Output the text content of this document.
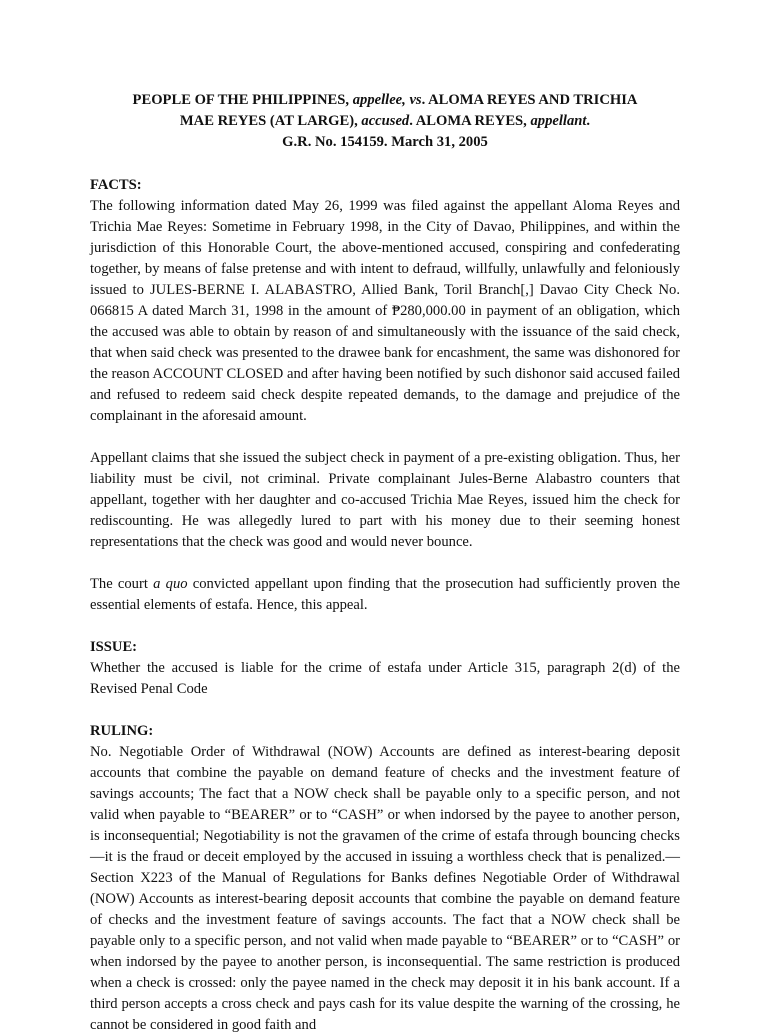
PEOPLE OF THE PHILIPPINES, appellee, vs. ALOMA REYES AND TRICHIA
MAE REYES (AT LARGE), accused. ALOMA REYES, appellant.
G.R. No. 154159. March 31, 2005
FACTS:

The following information dated May 26, 1999 was filed against the appellant Aloma Reyes and Trichia Mae Reyes: Sometime in February 1998, in the City of Davao, Philippines, and within the jurisdiction of this Honorable Court, the above-mentioned accused, conspiring and confederating together, by means of false pretense and with intent to defraud, willfully, unlawfully and feloniously issued to JULES-BERNE I. ALABASTRO, Allied Bank, Toril Branch[,] Davao City Check No. 066815 A dated March 31, 1998 in the amount of ₱280,000.00 in payment of an obligation, which the accused was able to obtain by reason of and simultaneously with the issuance of the said check, that when said check was presented to the drawee bank for encashment, the same was dishonored for the reason ACCOUNT CLOSED and after having been notified by such dishonor said accused failed and refused to redeem said check despite repeated demands, to the damage and prejudice of the complainant in the aforesaid amount.

Appellant claims that she issued the subject check in payment of a pre-existing obligation. Thus, her liability must be civil, not criminal. Private complainant Jules-Berne Alabastro counters that appellant, together with her daughter and co-accused Trichia Mae Reyes, issued him the check for rediscounting. He was allegedly lured to part with his money due to their seeming honest representations that the check was good and would never bounce.

The court a quo convicted appellant upon finding that the prosecution had sufficiently proven the essential elements of estafa. Hence, this appeal.

ISSUE:

Whether the accused is liable for the crime of estafa under Article 315, paragraph 2(d) of the Revised Penal Code

RULING:

No. Negotiable Order of Withdrawal (NOW) Accounts are defined as interest-bearing deposit accounts that combine the payable on demand feature of checks and the investment feature of savings accounts; The fact that a NOW check shall be payable only to a specific person, and not valid when payable to “BEARER” or to “CASH” or when indorsed by the payee to another person, is inconsequential; Negotiability is not the gravamen of the crime of estafa through bouncing checks—it is the fraud or deceit employed by the accused in issuing a worthless check that is penalized.—Section X223 of the Manual of Regulations for Banks defines Negotiable Order of Withdrawal (NOW) Accounts as interest-bearing deposit accounts that combine the payable on demand feature of checks and the investment feature of savings accounts. The fact that a NOW check shall be payable only to a specific person, and not valid when made payable to “BEARER” or to “CASH” or when indorsed by the payee to another person, is inconsequential. The same restriction is produced when a check is crossed: only the payee named in the check may deposit it in his bank account. If a third person accepts a cross check and pays cash for its value despite the warning of the crossing, he cannot be considered in good faith and
